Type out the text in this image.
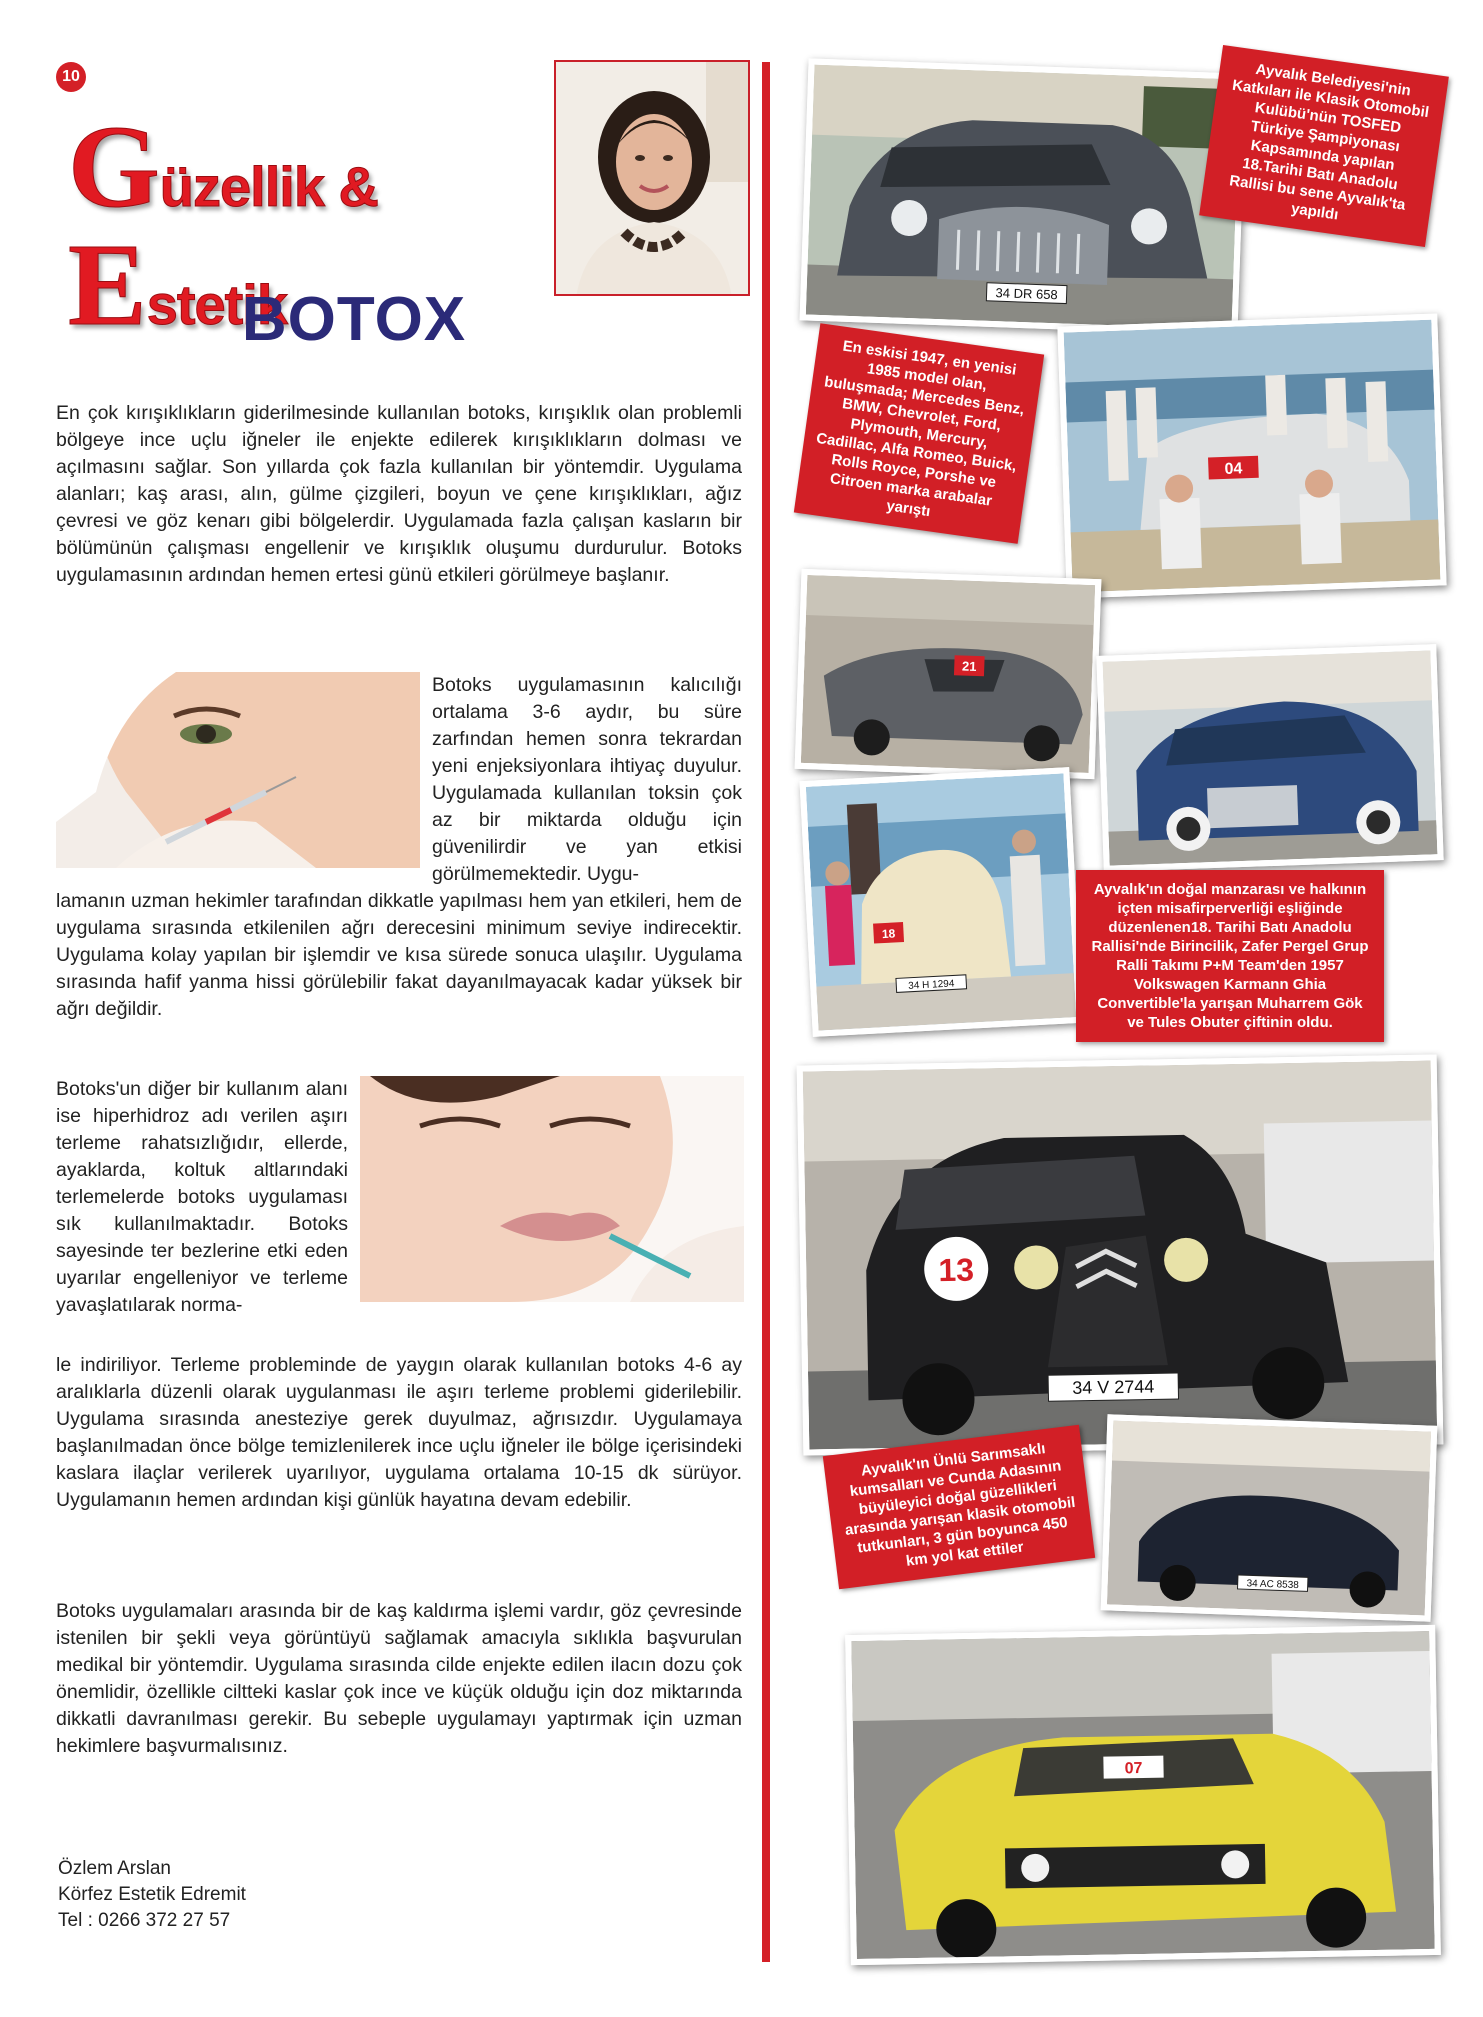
10
Güzellik & Estetik
BOTOX

En çok kırışıklıkların giderilmesinde kullanılan botoks, kırışıklık olan problemli bölgeye ince uçlu iğneler ile enjekte edilerek kırışıklıkların dolması ve açılmasını sağlar. Son yıllarda çok fazla kullanılan bir yöntemdir. Uygulama alanları; kaş arası, alın, gülme çizgileri, boyun ve çene kırışıklıkları, ağız çevresi ve göz kenarı gibi bölgelerdir. Uygulamada fazla çalışan kasların bir bölümünün çalışması engellenir ve kırışıklık oluşumu durdurulur. Botoks uygulamasının ardından hemen ertesi günü etkileri görülmeye başlanır.

Botoks uygulamasının kalıcılığı ortalama 3-6 aydır, bu süre zarfından hemen sonra tekrardan yeni enjeksiyonlara ihtiyaç duyulur. Uygulamada kullanılan toksin çok az bir miktarda olduğu için güvenilirdir ve yan etkisi görülmemektedir. Uygu-

lamanın uzman hekimler tarafından dikkatle yapılması hem yan etkileri, hem de uygulama sırasında etkilenilen ağrı derecesini minimum seviye indirecektir. Uygulama kolay yapılan bir işlemdir ve kısa sürede sonuca ulaşılır. Uygulama sırasında hafif yanma hissi görülebilir fakat dayanılmayacak kadar yüksek bir ağrı değildir.

Botoks'un diğer bir kullanım alanı ise hiperhidroz adı verilen aşırı terleme rahatsızlığıdır, ellerde, ayaklarda, koltuk altlarındaki terlemelerde botoks uygulaması sık kullanılmaktadır. Botoks sayesinde ter bezlerine etki eden uyarılar engelleniyor ve terleme yavaşlatılarak norma-

le indiriliyor. Terleme probleminde de yaygın olarak kullanılan botoks 4-6 ay aralıklarla düzenli olarak uygulanması ile aşırı terleme problemi giderilebilir. Uygulama sırasında anesteziye gerek duyulmaz, ağrısızdır. Uygulamaya başlanılmadan önce bölge temizlenilerek ince uçlu iğneler ile bölge içerisindeki kaslara ilaçlar verilerek uyarılıyor, uygulama ortalama 10-15 dk sürüyor. Uygulamanın hemen ardından kişi günlük hayatına devam edebilir.

Botoks uygulamaları arasında bir de kaş kaldırma işlemi vardır, göz çevresinde istenilen bir şekli veya görüntüyü sağlamak amacıyla sıklıkla başvurulan medikal bir yöntemdir. Uygulama sırasında cilde enjekte edilen ilacın dozu çok önemlidir, özellikle ciltteki kaslar çok ince ve küçük olduğu için doz miktarında dikkatli davranılması gerekir. Bu sebeple uygulamayı yaptırmak için uzman hekimlere başvurmalısınız.

Özlem Arslan
Körfez Estetik Edremit
Tel : 0266 372 27 57
34 DR 658
Ayvalık Belediyesi'nin Katkıları ile Klasik Otomobil Kulübü'nün TOSFED Türkiye Şampiyonası Kapsamında yapılan 18.Tarihi Batı Anadolu Rallisi bu sene Ayvalık'ta yapıldı
04
En eskisi 1947, en yenisi 1985 model olan, buluşmada; Mercedes Benz, BMW, Chevrolet, Ford, Plymouth, Mercury, Cadillac, Alfa Romeo, Buick, Rolls Royce, Porshe ve Citroen marka arabalar yarıştı
21
18
34 H 1294
Ayvalık'ın doğal manzarası ve halkının içten misafirperverliği eşliğinde düzenlenen18. Tarihi Batı Anadolu Rallisi'nde Birincilik, Zafer Pergel Grup Ralli Takımı P+M Team'den 1957 Volkswagen Karmann Ghia Convertible'la yarışan Muharrem Gök ve Tules Obuter çiftinin oldu.
13
34 V 2744
34 AC 8538
Ayvalık'ın Ünlü Sarımsaklı kumsalları ve Cunda Adasının büyüleyici doğal güzellikleri arasında yarışan klasik otomobil tutkunları, 3 gün boyunca 450 km yol kat ettiler
07
